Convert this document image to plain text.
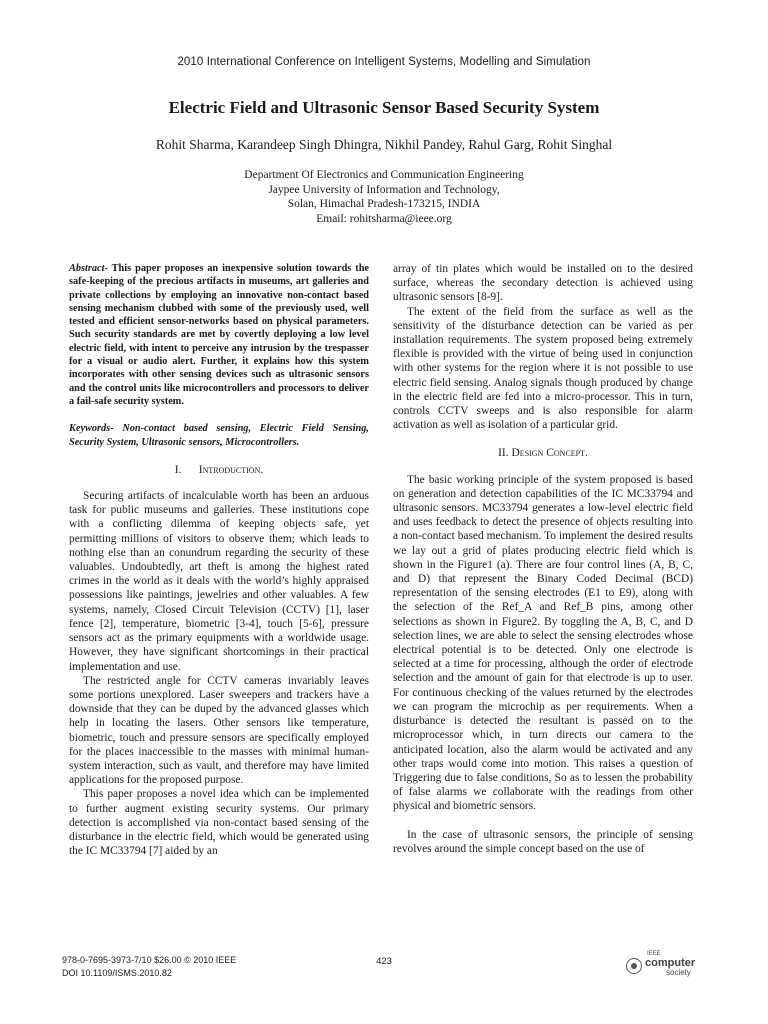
2010 International Conference on Intelligent Systems, Modelling and Simulation
Electric Field and Ultrasonic Sensor Based Security System
Rohit Sharma, Karandeep Singh Dhingra, Nikhil Pandey, Rahul Garg, Rohit Singhal
Department Of Electronics and Communication Engineering
Jaypee University of Information and Technology,
Solan, Himachal Pradesh-173215, INDIA
Email: rohitsharma@ieee.org

Abstract- This paper proposes an inexpensive solution towards the safe-keeping of the precious artifacts in museums, art galleries and private collections by employing an innovative non-contact based sensing mechanism clubbed with some of the previously used, well tested and efficient sensor-networks based on physical parameters. Such security standards are met by covertly deploying a low level electric field, with intent to perceive any intrusion by the trespasser for a visual or audio alert. Further, it explains how this system incorporates with other sensing devices such as ultrasonic sensors and the control units like microcontrollers and processors to deliver a fail-safe security system.

Keywords- Non-contact based sensing, Electric Field Sensing, Security System, Ultrasonic sensors, Microcontrollers.

I. Introduction.

Securing artifacts of incalculable worth has been an arduous task for public museums and galleries. These institutions cope with a conflicting dilemma of keeping objects safe, yet permitting millions of visitors to observe them; which leads to nothing else than an conundrum regarding the security of these valuables. Undoubtedly, art theft is among the highest rated crimes in the world as it deals with the world’s highly appraised possessions like paintings, jewelries and other valuables. A few systems, namely, Closed Circuit Television (CCTV) [1], laser fence [2], temperature, biometric [3-4], touch [5-6], pressure sensors act as the primary equipments with a worldwide usage. However, they have significant shortcomings in their practical implementation and use.

The restricted angle for CCTV cameras invariably leaves some portions unexplored. Laser sweepers and trackers have a downside that they can be duped by the advanced glasses which help in locating the lasers. Other sensors like temperature, biometric, touch and pressure sensors are specifically employed for the places inaccessible to the masses with minimal human-system interaction, such as vault, and therefore may have limited applications for the proposed purpose.

This paper proposes a novel idea which can be implemented to further augment existing security systems. Our primary detection is accomplished via non-contact based sensing of the disturbance in the electric field, which would be generated using the IC MC33794 [7] aided by an

array of tin plates which would be installed on to the desired surface, whereas the secondary detection is achieved using ultrasonic sensors [8-9].

The extent of the field from the surface as well as the sensitivity of the disturbance detection can be varied as per installation requirements. The system proposed being extremely flexible is provided with the virtue of being used in conjunction with other systems for the region where it is not possible to use electric field sensing. Analog signals though produced by change in the electric field are fed into a micro-processor. This in turn, controls CCTV sweeps and is also responsible for alarm activation as well as isolation of a particular grid.

II. Design Concept.

The basic working principle of the system proposed is based on generation and detection capabilities of the IC MC33794 and ultrasonic sensors. MC33794 generates a low-level electric field and uses feedback to detect the presence of objects resulting into a non-contact based mechanism. To implement the desired results we lay out a grid of plates producing electric field which is shown in the Figure1 (a). There are four control lines (A, B, C, and D) that represent the Binary Coded Decimal (BCD) representation of the sensing electrodes (E1 to E9), along with the selection of the Ref_A and Ref_B pins, among other selections as shown in Figure2. By toggling the A, B, C, and D selection lines, we are able to select the sensing electrodes whose electrical potential is to be detected. Only one electrode is selected at a time for processing, although the order of electrode selection and the amount of gain for that electrode is up to user. For continuous checking of the values returned by the electrodes we can program the microchip as per requirements. When a disturbance is detected the resultant is passed on to the microprocessor which, in turn directs our camera to the anticipated location, also the alarm would be activated and any other traps would come into motion. This raises a question of Triggering due to false conditions, So as to lessen the probability of false alarms we collaborate with the readings from other physical and biometric sensors.

In the case of ultrasonic sensors, the principle of sensing revolves around the simple concept based on the use of

978-0-7695-3973-7/10 $26.00 © 2010 IEEE
DOI 10.1109/ISMS.2010.82
423
IEEE
computer
society
